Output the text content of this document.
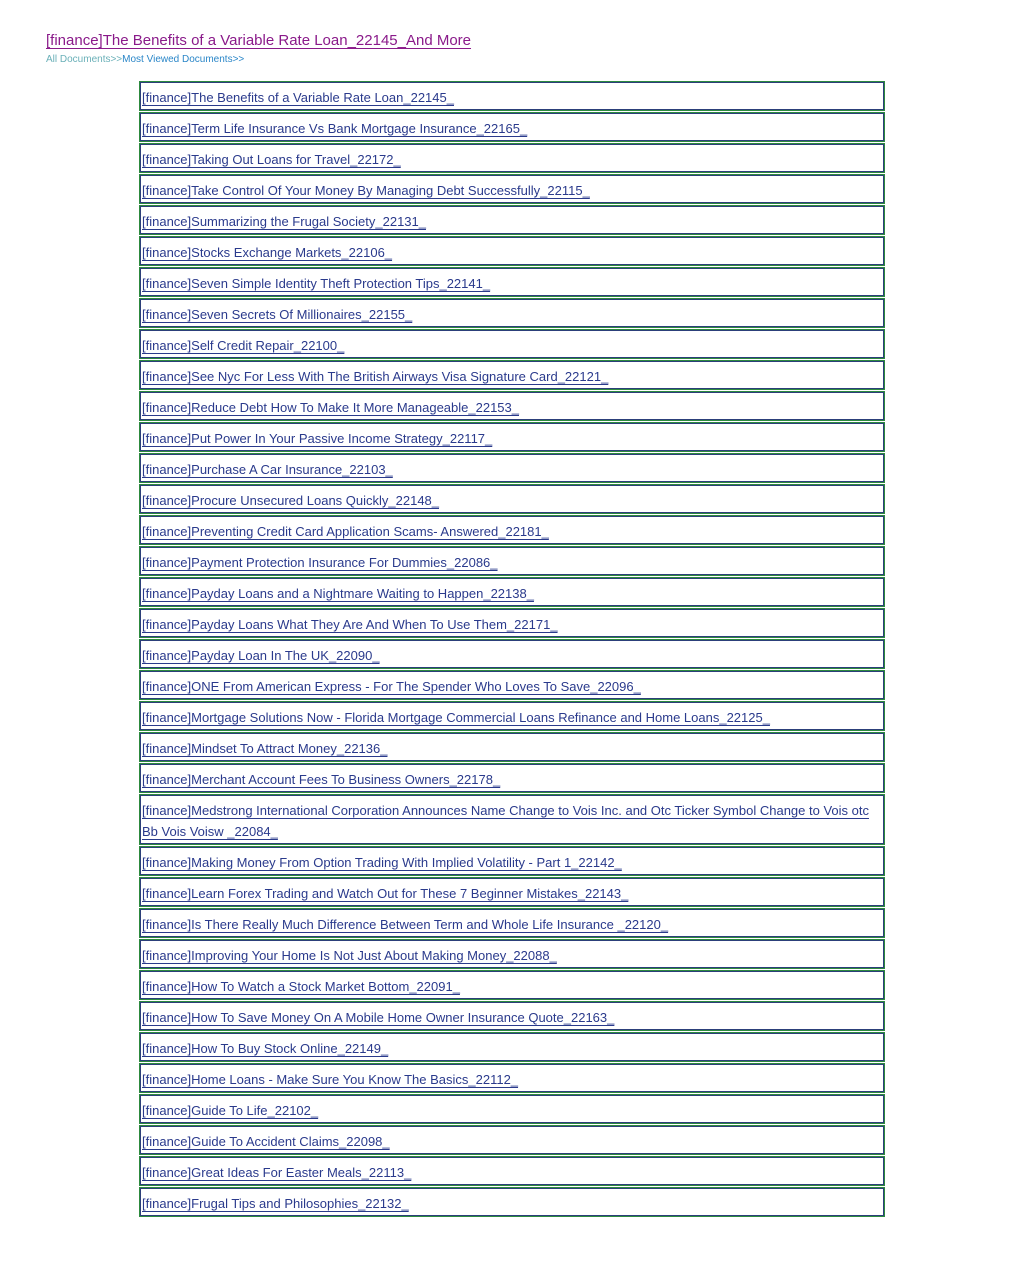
[finance]The Benefits of a Variable Rate Loan_22145_And More
All Documents>>Most Viewed Documents>>
[finance]The Benefits of a Variable Rate Loan_22145_
[finance]Term Life Insurance Vs Bank Mortgage Insurance_22165_
[finance]Taking Out Loans for Travel_22172_
[finance]Take Control Of Your Money By Managing Debt Successfully_22115_
[finance]Summarizing the Frugal Society_22131_
[finance]Stocks Exchange Markets_22106_
[finance]Seven Simple Identity Theft Protection Tips_22141_
[finance]Seven Secrets Of Millionaires_22155_
[finance]Self Credit Repair_22100_
[finance]See Nyc For Less With The British Airways Visa Signature Card_22121_
[finance]Reduce Debt How To Make It More Manageable_22153_
[finance]Put Power In Your Passive Income Strategy_22117_
[finance]Purchase A Car Insurance_22103_
[finance]Procure Unsecured Loans Quickly_22148_
[finance]Preventing Credit Card Application Scams- Answered_22181_
[finance]Payment Protection Insurance For Dummies_22086_
[finance]Payday Loans and a Nightmare Waiting to Happen_22138_
[finance]Payday Loans What They Are And When To Use Them_22171_
[finance]Payday Loan In The UK_22090_
[finance]ONE From American Express - For The Spender Who Loves To Save_22096_
[finance]Mortgage Solutions Now - Florida Mortgage Commercial Loans Refinance and Home Loans_22125_
[finance]Mindset To Attract Money_22136_
[finance]Merchant Account Fees To Business Owners_22178_
[finance]Medstrong International Corporation Announces Name Change to Vois Inc. and Otc Ticker Symbol Change to Vois otc Bb Vois Voisw _22084_
[finance]Making Money From Option Trading With Implied Volatility - Part 1_22142_
[finance]Learn Forex Trading and Watch Out for These 7 Beginner Mistakes_22143_
[finance]Is There Really Much Difference Between Term and Whole Life Insurance _22120_
[finance]Improving Your Home Is Not Just About Making Money_22088_
[finance]How To Watch a Stock Market Bottom_22091_
[finance]How To Save Money On A Mobile Home Owner Insurance Quote_22163_
[finance]How To Buy Stock Online_22149_
[finance]Home Loans - Make Sure You Know The Basics_22112_
[finance]Guide To Life_22102_
[finance]Guide To Accident Claims_22098_
[finance]Great Ideas For Easter Meals_22113_
[finance]Frugal Tips and Philosophies_22132_
